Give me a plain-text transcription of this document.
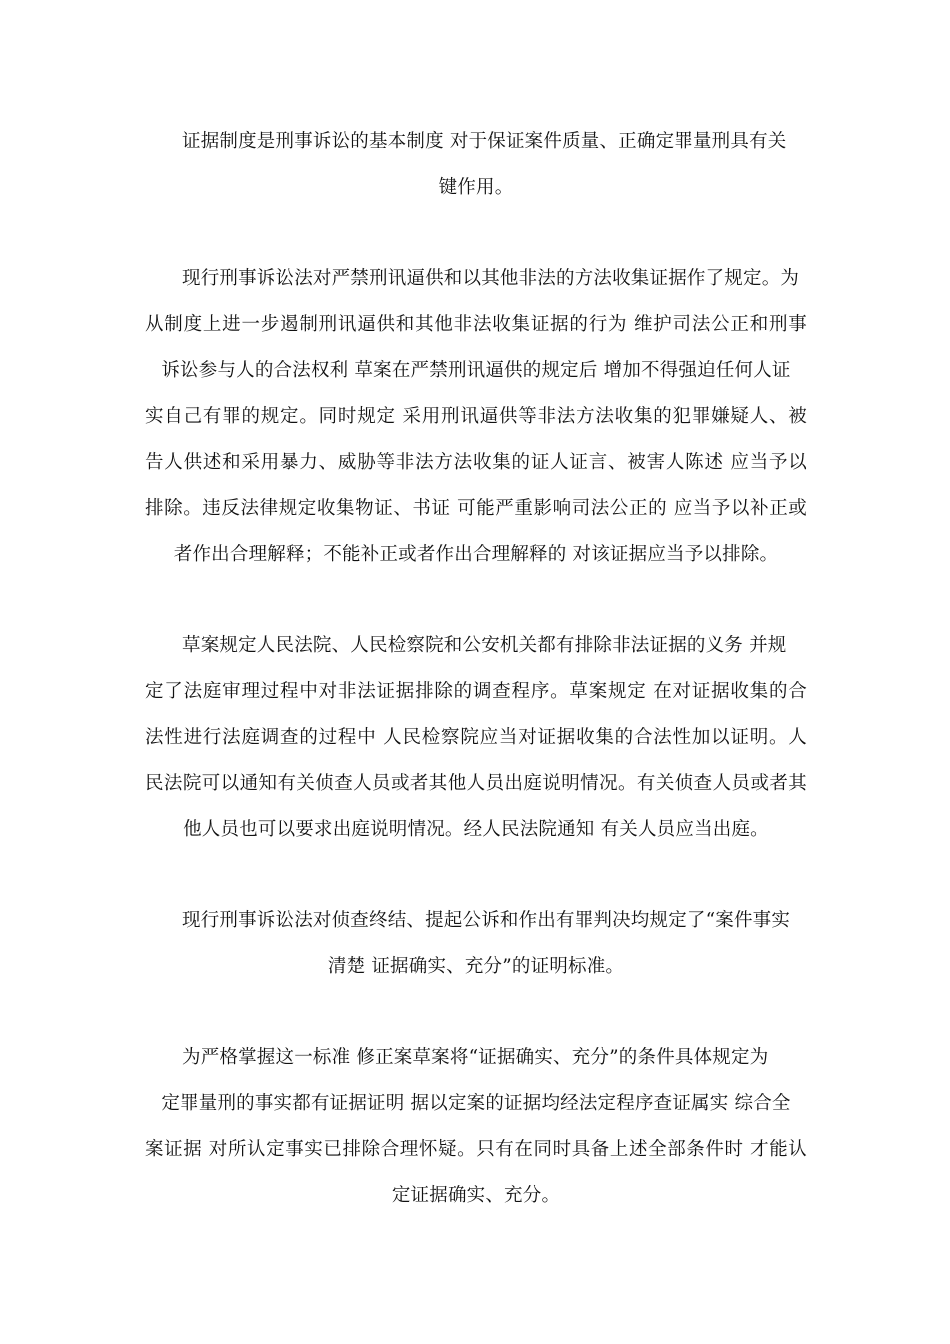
证据制度是刑事诉讼的基本制度 对于保证案件质量、正确定罪量刑具有关
键作用。
现行刑事诉讼法对严禁刑讯逼供和以其他非法的方法收集证据作了规定。为
从制度上进一步遏制刑讯逼供和其他非法收集证据的行为 维护司法公正和刑事
诉讼参与人的合法权利 草案在严禁刑讯逼供的规定后 增加不得强迫任何人证
实自己有罪的规定。同时规定 采用刑讯逼供等非法方法收集的犯罪嫌疑人、被
告人供述和采用暴力、威胁等非法方法收集的证人证言、被害人陈述 应当予以
排除。违反法律规定收集物证、书证 可能严重影响司法公正的 应当予以补正或
者作出合理解释；不能补正或者作出合理解释的 对该证据应当予以排除。
草案规定人民法院、人民检察院和公安机关都有排除非法证据的义务 并规
定了法庭审理过程中对非法证据排除的调查程序。草案规定 在对证据收集的合
法性进行法庭调查的过程中 人民检察院应当对证据收集的合法性加以证明。人
民法院可以通知有关侦查人员或者其他人员出庭说明情况。有关侦查人员或者其
他人员也可以要求出庭说明情况。经人民法院通知 有关人员应当出庭。
现行刑事诉讼法对侦查终结、提起公诉和作出有罪判决均规定了“案件事实
清楚 证据确实、充分”的证明标准。
为严格掌握这一标准 修正案草案将“证据确实、充分”的条件具体规定为
定罪量刑的事实都有证据证明 据以定案的证据均经法定程序查证属实 综合全
案证据 对所认定事实已排除合理怀疑。只有在同时具备上述全部条件时 才能认
定证据确实、充分。
